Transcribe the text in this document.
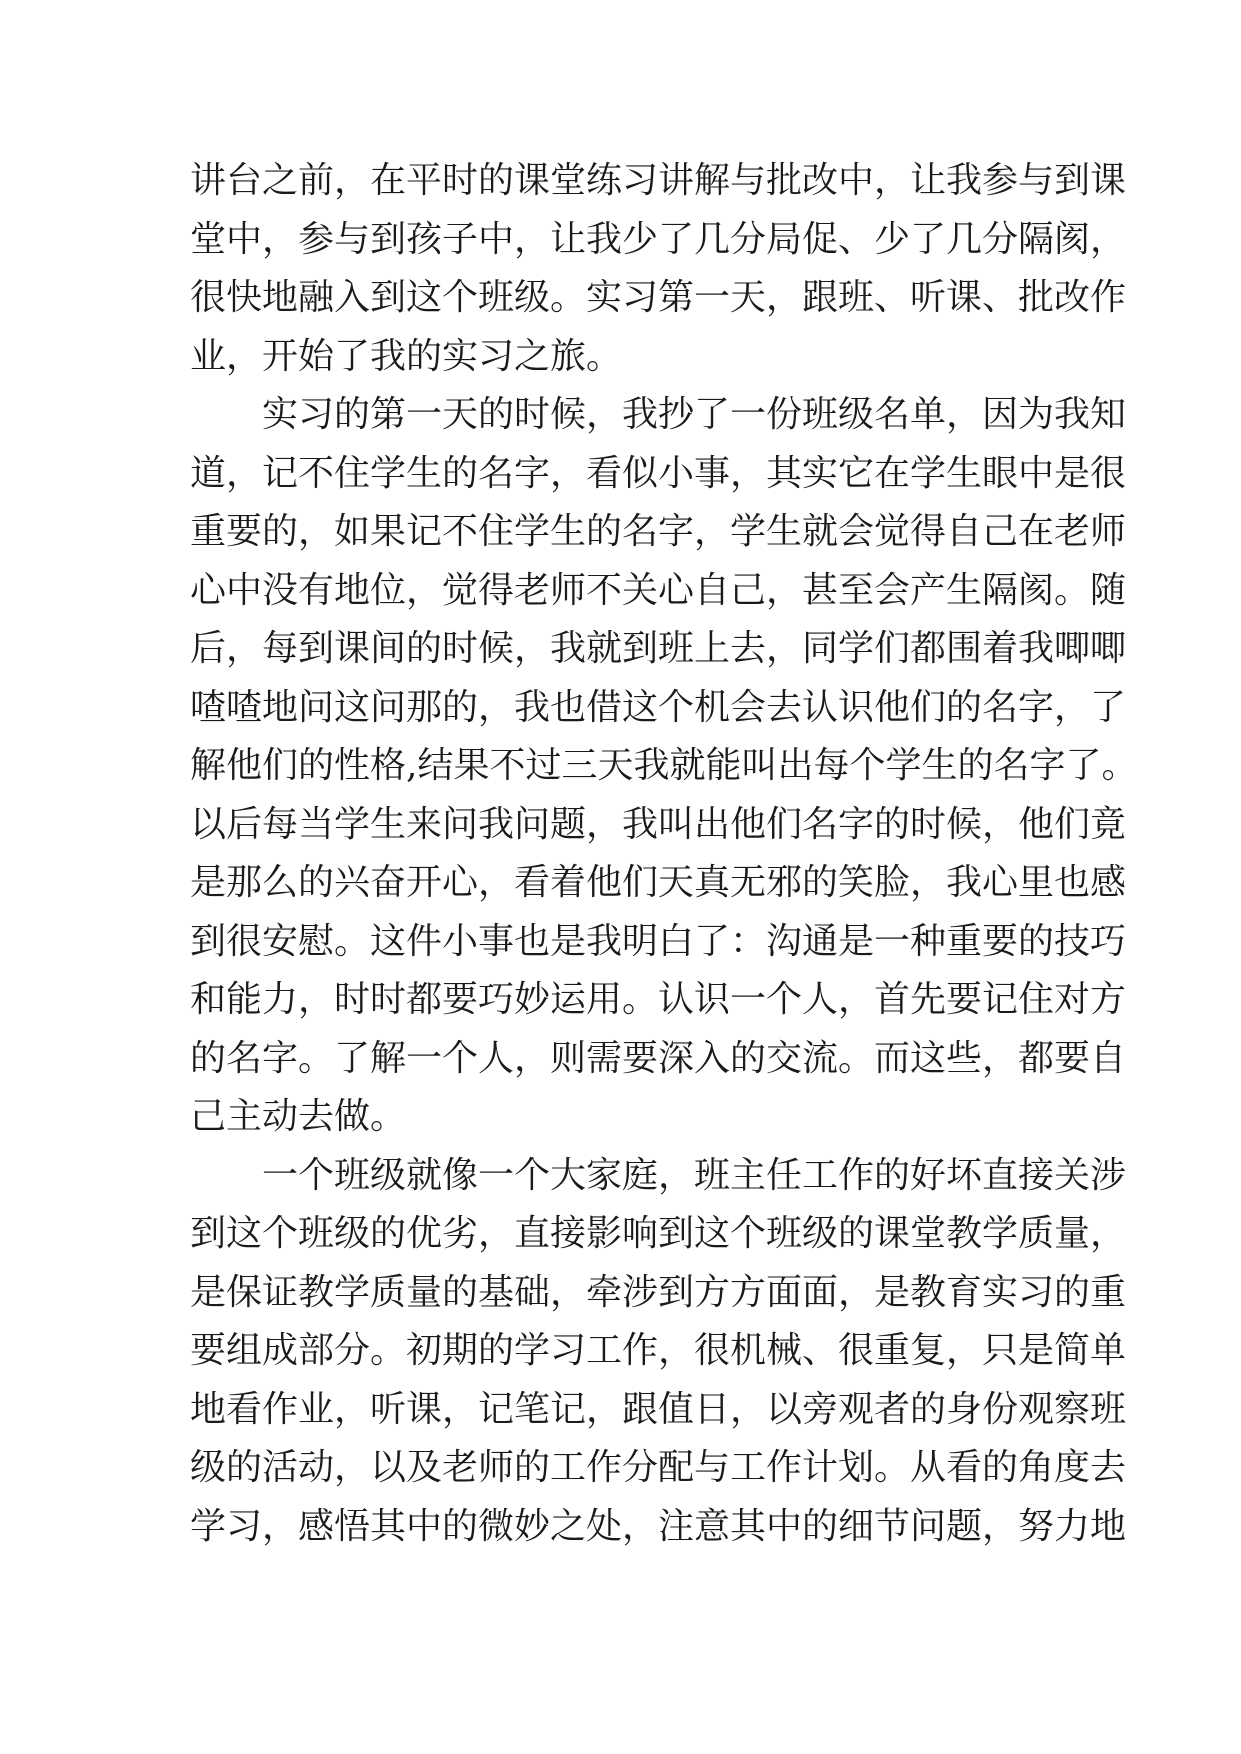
讲台之前，在平时的课堂练习讲解与批改中，让我参与到课
堂中，参与到孩子中，让我少了几分局促、少了几分隔阂，
很快地融入到这个班级。实习第一天，跟班、听课、批改作
业，开始了我的实习之旅。
实习的第一天的时候，我抄了一份班级名单，因为我知
道，记不住学生的名字，看似小事，其实它在学生眼中是很
重要的，如果记不住学生的名字，学生就会觉得自己在老师
心中没有地位，觉得老师不关心自己，甚至会产生隔阂。随
后，每到课间的时候，我就到班上去，同学们都围着我唧唧
喳喳地问这问那的，我也借这个机会去认识他们的名字，了
解他们的性格,结果不过三天我就能叫出每个学生的名字了。
以后每当学生来问我问题，我叫出他们名字的时候，他们竟
是那么的兴奋开心，看着他们天真无邪的笑脸，我心里也感
到很安慰。这件小事也是我明白了：沟通是一种重要的技巧
和能力，时时都要巧妙运用。认识一个人，首先要记住对方
的名字。了解一个人，则需要深入的交流。而这些，都要自
己主动去做。
一个班级就像一个大家庭，班主任工作的好坏直接关涉
到这个班级的优劣，直接影响到这个班级的课堂教学质量，
是保证教学质量的基础，牵涉到方方面面，是教育实习的重
要组成部分。初期的学习工作，很机械、很重复，只是简单
地看作业，听课，记笔记，跟值日，以旁观者的身份观察班
级的活动，以及老师的工作分配与工作计划。从看的角度去
学习，感悟其中的微妙之处，注意其中的细节问题，努力地
